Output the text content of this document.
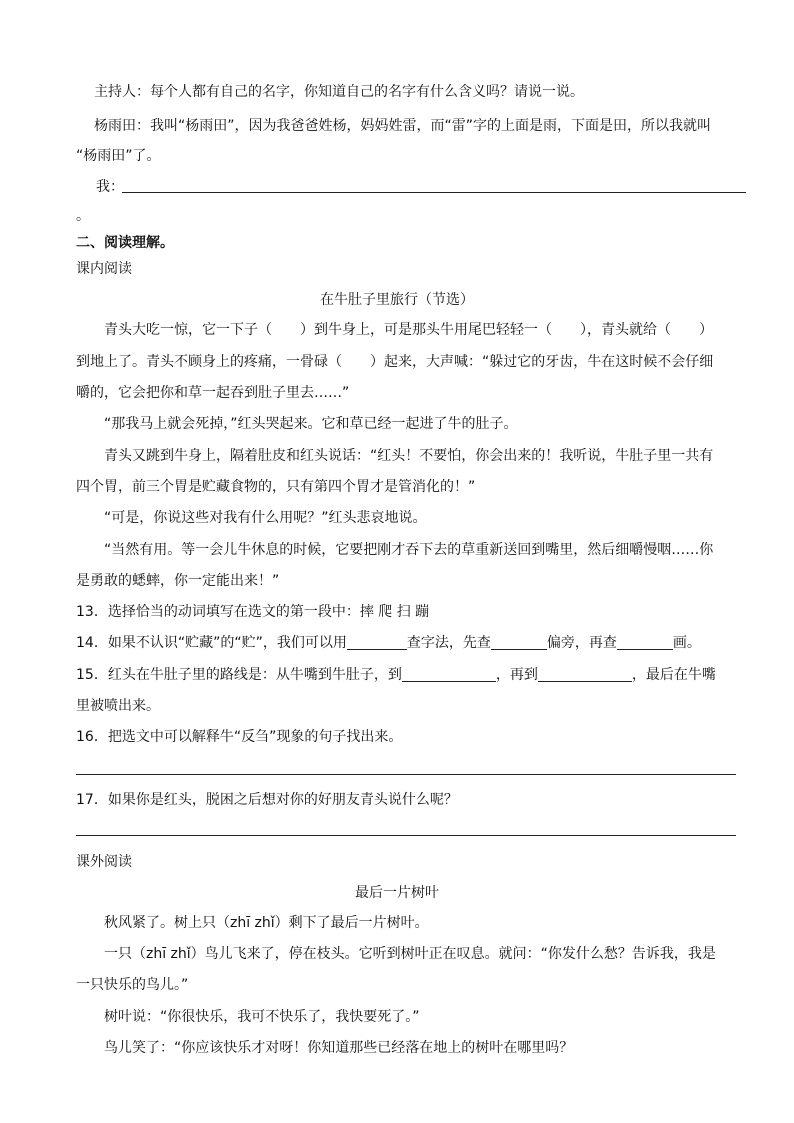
主持人：每个人都有自己的名字，你知道自己的名字有什么含义吗？请说一说。
杨雨田：我叫“杨雨田”，因为我爸爸姓杨，妈妈姓雷，而“雷”字的上面是雨，下面是田，所以我就叫
“杨雨田”了。
我：
。
二、阅读理解。
课内阅读
在牛肚子里旅行（节选）
青头大吃一惊，它一下子（　　）到牛身上，可是那头牛用尾巴轻轻一（　　），青头就给（　　）
到地上了。青头不顾身上的疼痛，一骨碌（　　）起来，大声喊：“躲过它的牙齿，牛在这时候不会仔细
嚼的，它会把你和草一起吞到肚子里去……”
“那我马上就会死掉，”红头哭起来。它和草已经一起进了牛的肚子。
青头又跳到牛身上，隔着肚皮和红头说话：“红头！不要怕，你会出来的！我听说，牛肚子里一共有
四个胃，前三个胃是贮藏食物的，只有第四个胃才是管消化的！”
“可是，你说这些对我有什么用呢？”红头悲哀地说。
“当然有用。等一会儿牛休息的时候，它要把刚才吞下去的草重新送回到嘴里，然后细嚼慢咽……你
是勇敢的蟋蟀，你一定能出来！”
13．选择恰当的动词填写在选文的第一段中：摔 爬 扫 蹦
14．如果不认识“贮藏”的“贮”，我们可以用	查字法，先查	偏旁，再查	画。
15．红头在牛肚子里的路线是：从牛嘴到牛肚子，到	，再到	，最后在牛嘴
里被喷出来。
16．把选文中可以解释牛“反刍”现象的句子找出来。
17．如果你是红头，脱困之后想对你的好朋友青头说什么呢？
课外阅读
最后一片树叶
秋风紧了。树上只（zhī zhǐ）剩下了最后一片树叶。
一只（zhī zhǐ）鸟儿飞来了，停在枝头。它听到树叶正在叹息。就问：“你发什么愁？告诉我，我是
一只快乐的鸟儿。”
树叶说：“你很快乐，我可不快乐了，我快要死了。”
鸟儿笑了：“你应该快乐才对呀！你知道那些已经落在地上的树叶在哪里吗？
